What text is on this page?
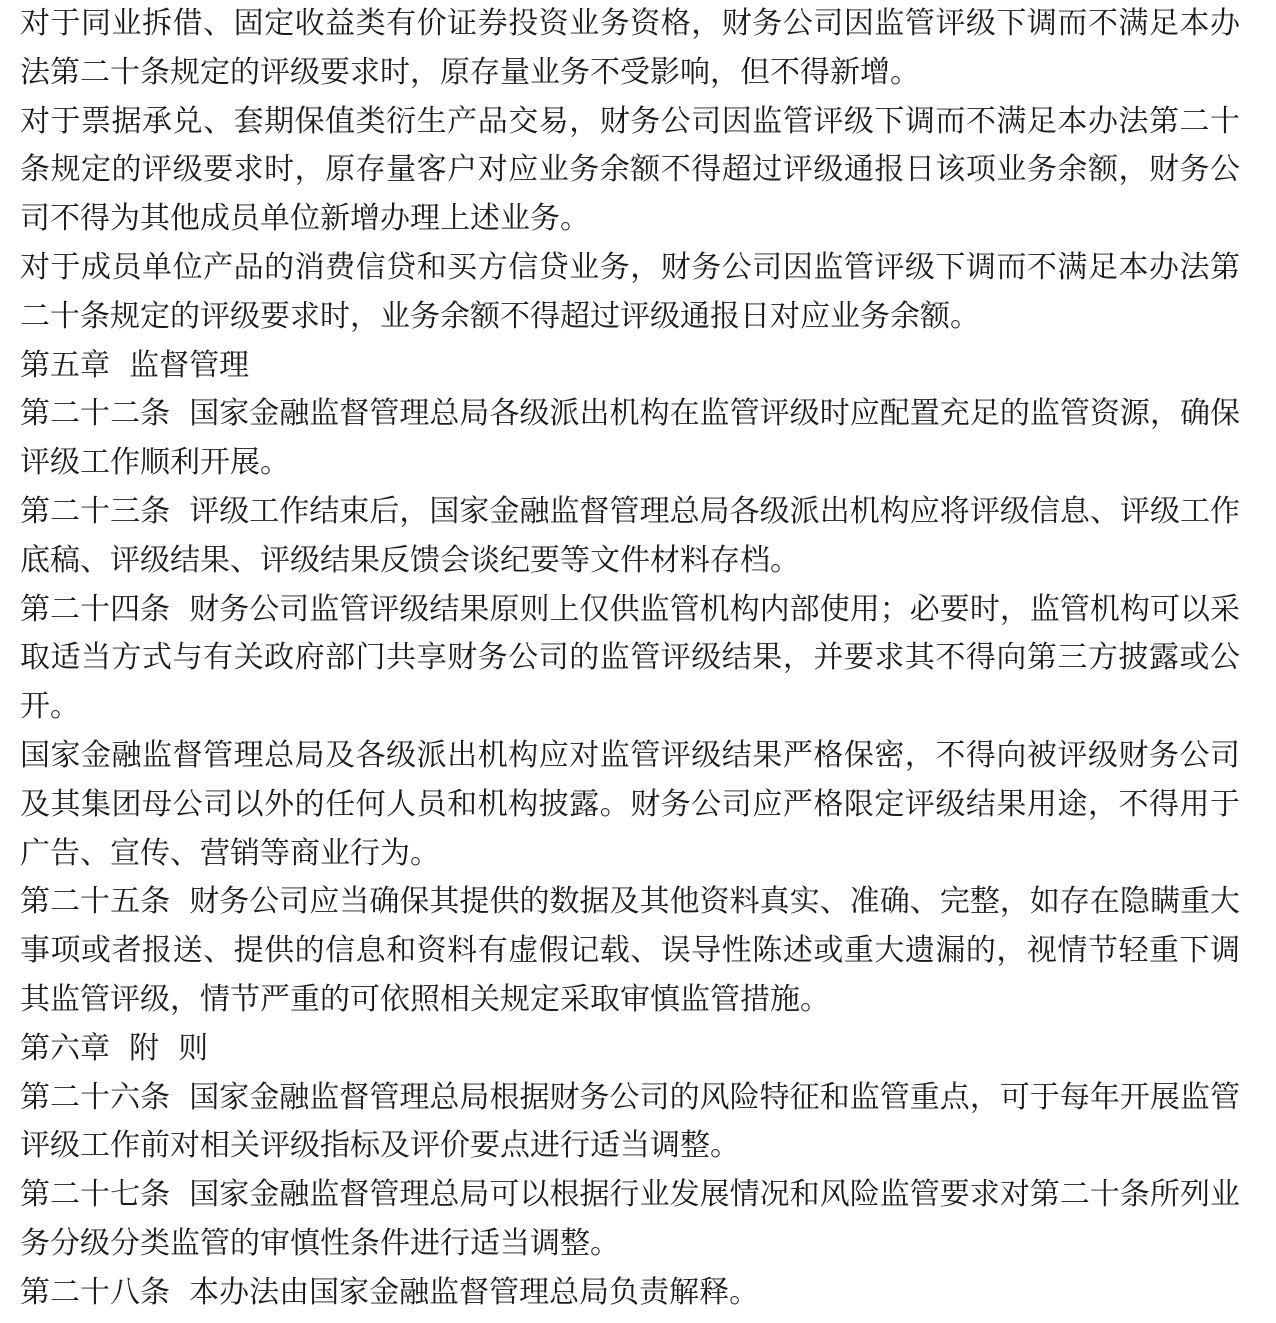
对于同业拆借、固定收益类有价证券投资业务资格，财务公司因监管评级下调而不满足本办法第二十条规定的评级要求时，原存量业务不受影响，但不得新增。

对于票据承兑、套期保值类衍生产品交易，财务公司因监管评级下调而不满足本办法第二十条规定的评级要求时，原存量客户对应业务余额不得超过评级通报日该项业务余额，财务公司不得为其他成员单位新增办理上述业务。

对于成员单位产品的消费信贷和买方信贷业务，财务公司因监管评级下调而不满足本办法第二十条规定的评级要求时，业务余额不得超过评级通报日对应业务余额。

第五章  监督管理

第二十二条  国家金融监督管理总局各级派出机构在监管评级时应配置充足的监管资源，确保评级工作顺利开展。

第二十三条  评级工作结束后，国家金融监督管理总局各级派出机构应将评级信息、评级工作底稿、评级结果、评级结果反馈会谈纪要等文件材料存档。

第二十四条  财务公司监管评级结果原则上仅供监管机构内部使用；必要时，监管机构可以采取适当方式与有关政府部门共享财务公司的监管评级结果，并要求其不得向第三方披露或公开。

国家金融监督管理总局及各级派出机构应对监管评级结果严格保密，不得向被评级财务公司及其集团母公司以外的任何人员和机构披露。财务公司应严格限定评级结果用途，不得用于广告、宣传、营销等商业行为。

第二十五条  财务公司应当确保其提供的数据及其他资料真实、准确、完整，如存在隐瞒重大事项或者报送、提供的信息和资料有虚假记载、误导性陈述或重大遗漏的，视情节轻重下调其监管评级，情节严重的可依照相关规定采取审慎监管措施。

第六章  附  则

第二十六条  国家金融监督管理总局根据财务公司的风险特征和监管重点，可于每年开展监管评级工作前对相关评级指标及评价要点进行适当调整。

第二十七条  国家金融监督管理总局可以根据行业发展情况和风险监管要求对第二十条所列业务分级分类监管的审慎性条件进行适当调整。

第二十八条  本办法由国家金融监督管理总局负责解释。
